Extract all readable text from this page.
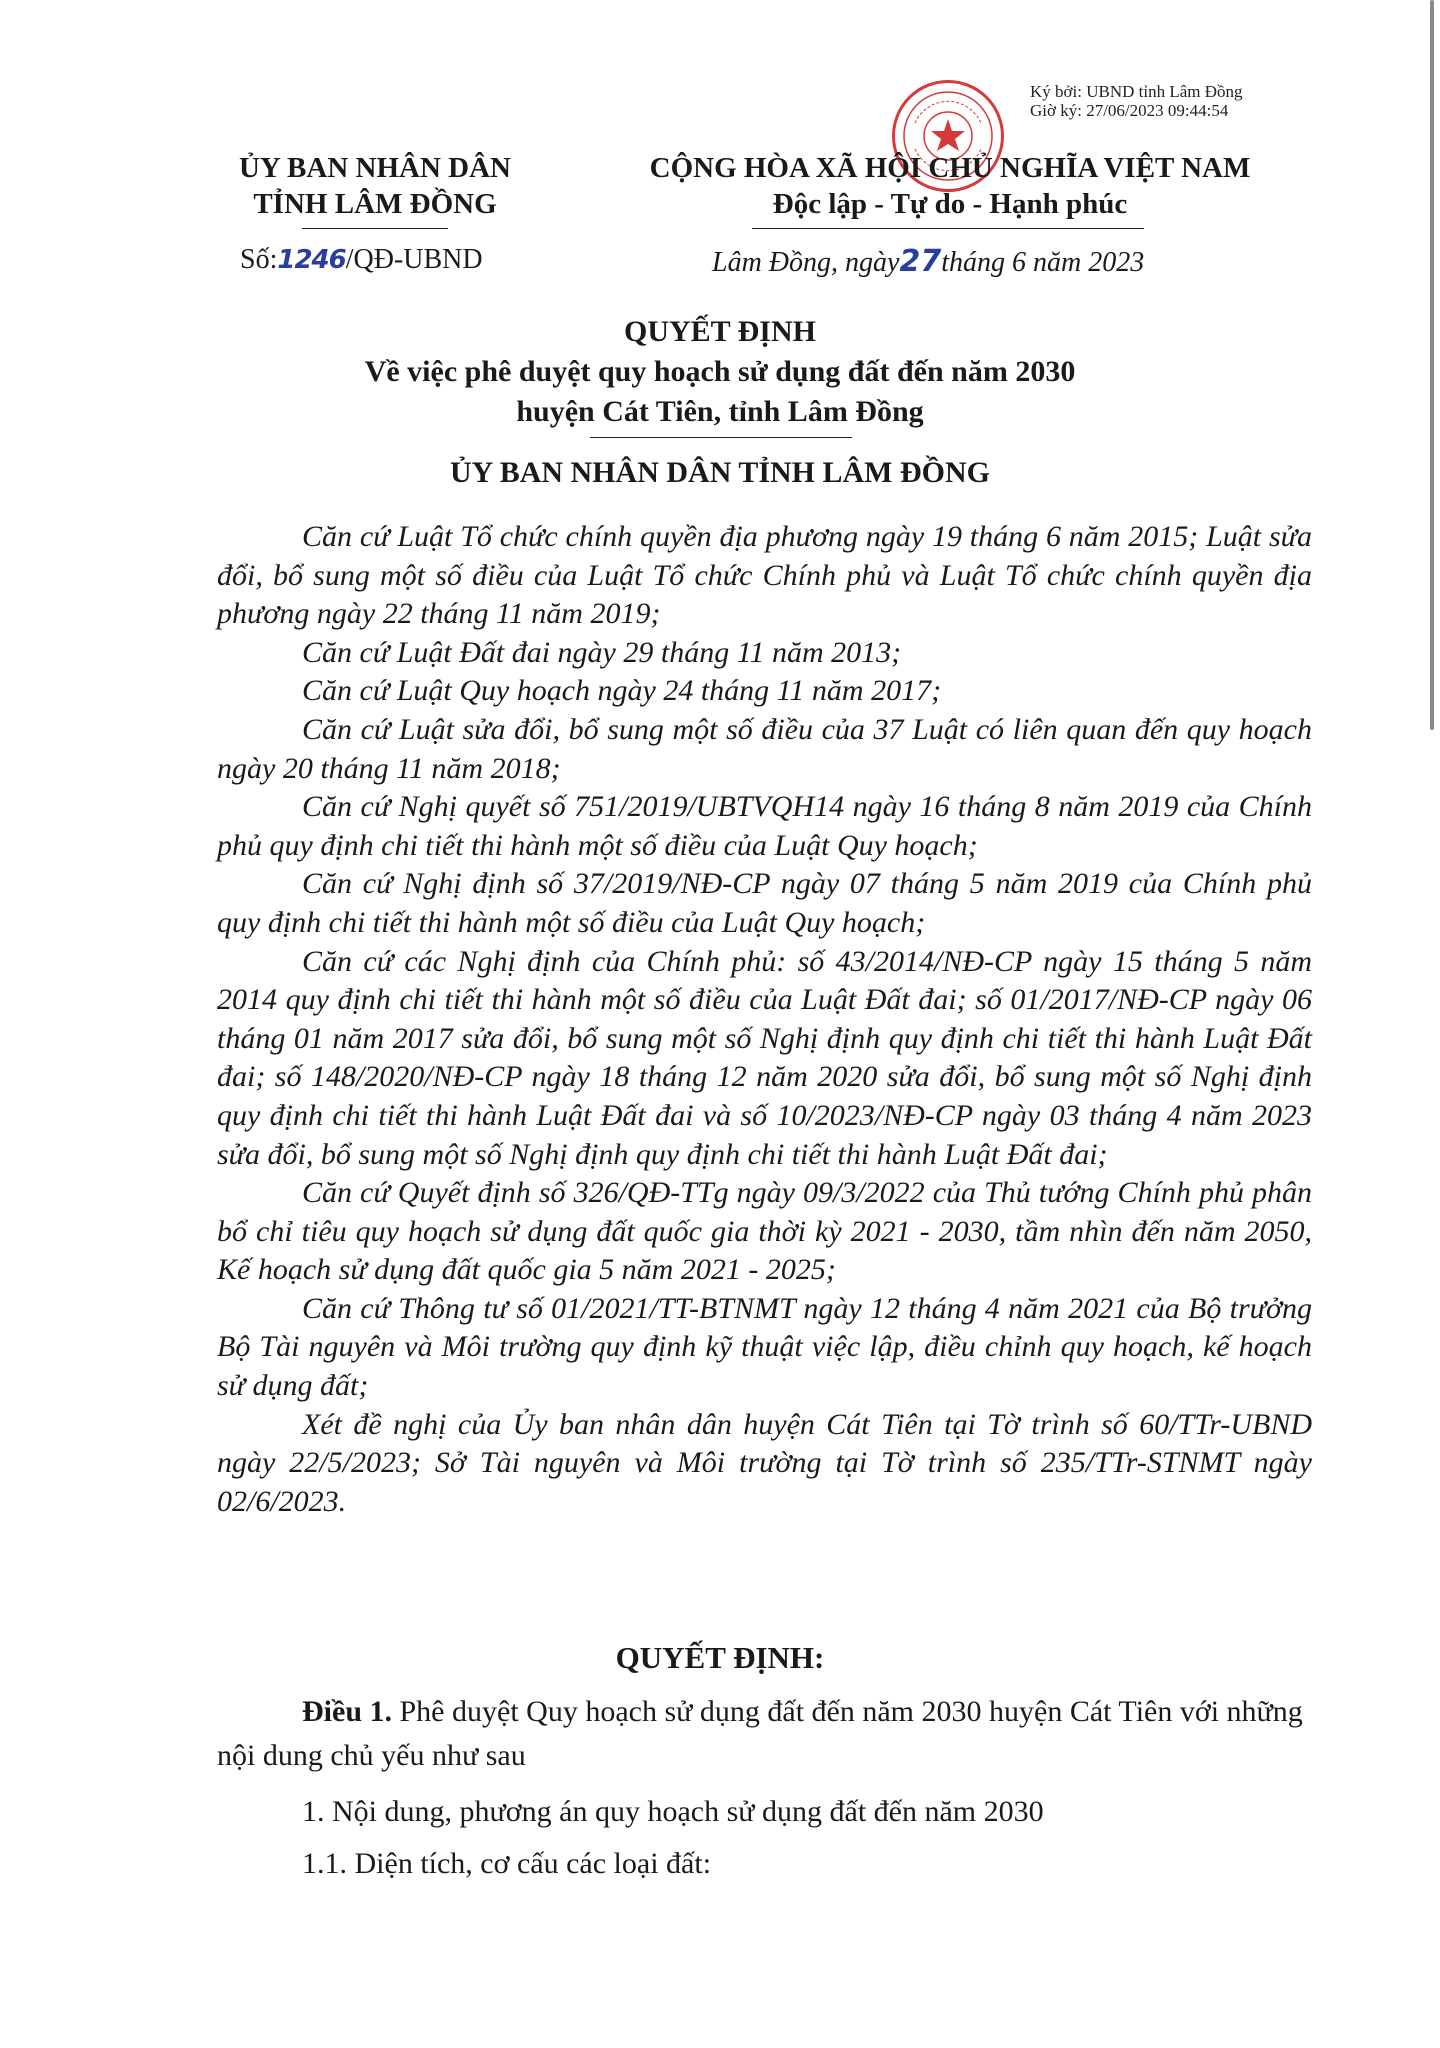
Ký bởi: UBND tỉnh Lâm Đồng
Giờ ký: 27/06/2023 09:44:54
ỦY BAN NHÂN DÂN
TỈNH LÂM ĐỒNG
CỘNG HÒA XÃ HỘI CHỦ NGHĨA VIỆT NAM
Độc lập - Tự do - Hạnh phúc
Số:1246/QĐ-UBND	Lâm Đồng, ngày27tháng 6 năm 2023
QUYẾT ĐỊNH
Về việc phê duyệt quy hoạch sử dụng đất đến năm 2030
huyện Cát Tiên, tỉnh Lâm Đồng
ỦY BAN NHÂN DÂN TỈNH LÂM ĐỒNG

Căn cứ Luật Tổ chức chính quyền địa phương ngày 19 tháng 6 năm 2015; Luật sửa đổi, bổ sung một số điều của Luật Tổ chức Chính phủ và Luật Tổ chức chính quyền địa phương ngày 22 tháng 11 năm 2019;

Căn cứ Luật Đất đai ngày 29 tháng 11 năm 2013;

Căn cứ Luật Quy hoạch ngày 24 tháng 11 năm 2017;

Căn cứ Luật sửa đổi, bổ sung một số điều của 37 Luật có liên quan đến quy hoạch ngày 20 tháng 11 năm 2018;

Căn cứ Nghị quyết số 751/2019/UBTVQH14 ngày 16 tháng 8 năm 2019 của Chính phủ quy định chi tiết thi hành một số điều của Luật Quy hoạch;

Căn cứ Nghị định số 37/2019/NĐ-CP ngày 07 tháng 5 năm 2019 của Chính phủ quy định chi tiết thi hành một số điều của Luật Quy hoạch;

Căn cứ các Nghị định của Chính phủ: số 43/2014/NĐ-CP ngày 15 tháng 5 năm 2014 quy định chi tiết thi hành một số điều của Luật Đất đai; số 01/2017/NĐ-CP ngày 06 tháng 01 năm 2017 sửa đổi, bổ sung một số Nghị định quy định chi tiết thi hành Luật Đất đai; số 148/2020/NĐ-CP ngày 18 tháng 12 năm 2020 sửa đổi, bổ sung một số Nghị định quy định chi tiết thi hành Luật Đất đai và số 10/2023/NĐ-CP ngày 03 tháng 4 năm 2023 sửa đổi, bổ sung một số Nghị định quy định chi tiết thi hành Luật Đất đai;

Căn cứ Quyết định số 326/QĐ-TTg ngày 09/3/2022 của Thủ tướng Chính phủ phân bổ chỉ tiêu quy hoạch sử dụng đất quốc gia thời kỳ 2021 - 2030, tầm nhìn đến năm 2050, Kế hoạch sử dụng đất quốc gia 5 năm 2021 - 2025;

Căn cứ Thông tư số 01/2021/TT-BTNMT ngày 12 tháng 4 năm 2021 của Bộ trưởng Bộ Tài nguyên và Môi trường quy định kỹ thuật việc lập, điều chỉnh quy hoạch, kế hoạch sử dụng đất;

Xét đề nghị của Ủy ban nhân dân huyện Cát Tiên tại Tờ trình số 60/TTr-UBND ngày 22/5/2023; Sở Tài nguyên và Môi trường tại Tờ trình số 235/TTr-STNMT ngày 02/6/2023.

QUYẾT ĐỊNH:

Điều 1. Phê duyệt Quy hoạch sử dụng đất đến năm 2030 huyện Cát Tiên với những nội dung chủ yếu như sau

1. Nội dung, phương án quy hoạch sử dụng đất đến năm 2030

1.1. Diện tích, cơ cấu các loại đất:
